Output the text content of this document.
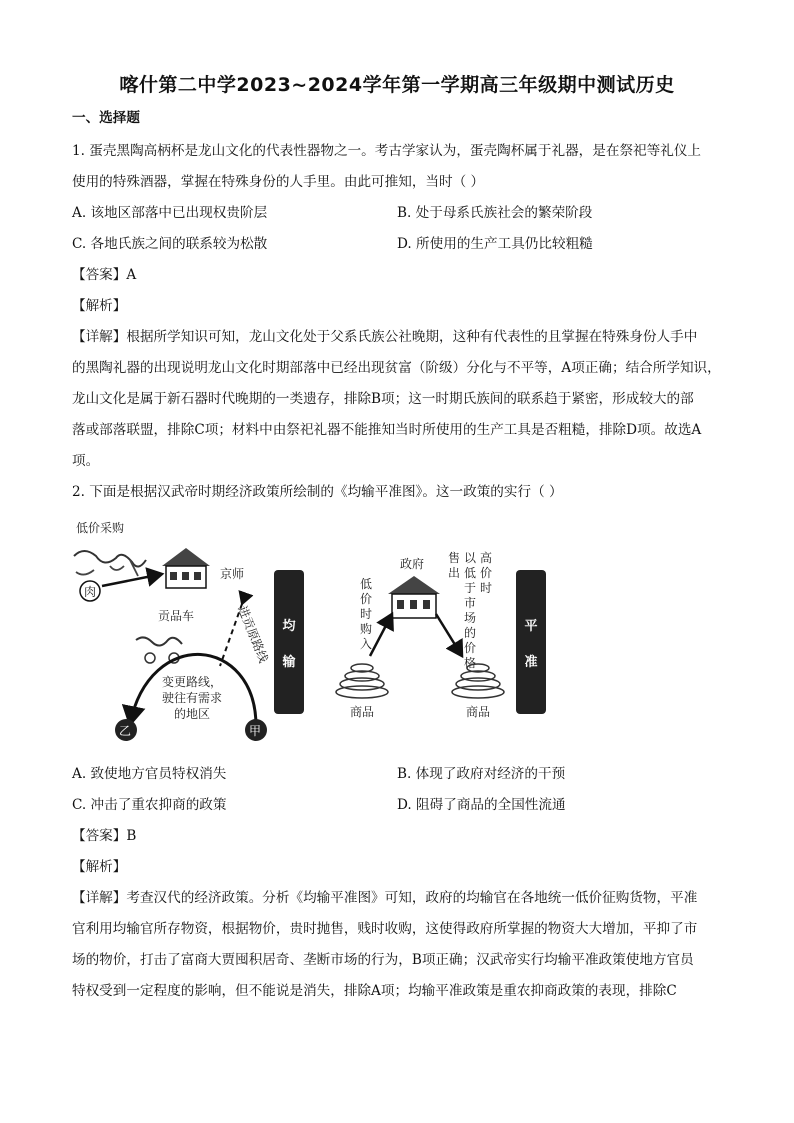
喀什第二中学2023~2024学年第一学期高三年级期中测试历史
一、选择题
1. 蛋壳黑陶高柄杯是龙山文化的代表性器物之一。考古学家认为，蛋壳陶杯属于礼器，是在祭祀等礼仪上
使用的特殊酒器，掌握在特殊身份的人手里。由此可推知，当时（ ）
A. 该地区部落中已出现权贵阶层	B. 处于母系氏族社会的繁荣阶段
C. 各地氏族之间的联系较为松散	D. 所使用的生产工具仍比较粗糙
【答案】A
【解析】
【详解】根据所学知识可知，龙山文化处于父系氏族公社晚期，这种有代表性的且掌握在特殊身份人手中
的黑陶礼器的出现说明龙山文化时期部落中已经出现贫富（阶级）分化与不平等，A项正确；结合所学知识，
龙山文化是属于新石器时代晚期的一类遗存，排除B项；这一时期氏族间的联系趋于紧密，形成较大的部
落或部落联盟，排除C项；材料中由祭祀礼器不能推知当时所使用的生产工具是否粗糙，排除D项。故选A
项。
2. 下面是根据汉武帝时期经济政策所绘制的《均输平准图》。这一政策的实行（ ）
低价采购
肉
京师
进贡原路线
贡品车
变更路线，
驶往有需求
的地区
乙	甲
均
输
政府
低
价
时
购
入
售
出
以
低
于
市
场
的
价
格
高
价
时
商品	商品
平
准
A. 致使地方官员特权消失	B. 体现了政府对经济的干预
C. 冲击了重农抑商的政策	D. 阻碍了商品的全国性流通
【答案】B
【解析】
【详解】考查汉代的经济政策。分析《均输平准图》可知，政府的均输官在各地统一低价征购货物，平准
官利用均输官所存物资，根据物价，贵时抛售，贱时收购，这使得政府所掌握的物资大大增加，平抑了市
场的物价，打击了富商大贾囤积居奇、垄断市场的行为，B项正确；汉武帝实行均输平准政策使地方官员
特权受到一定程度的影响，但不能说是消失，排除A项；均输平准政策是重农抑商政策的表现，排除C
